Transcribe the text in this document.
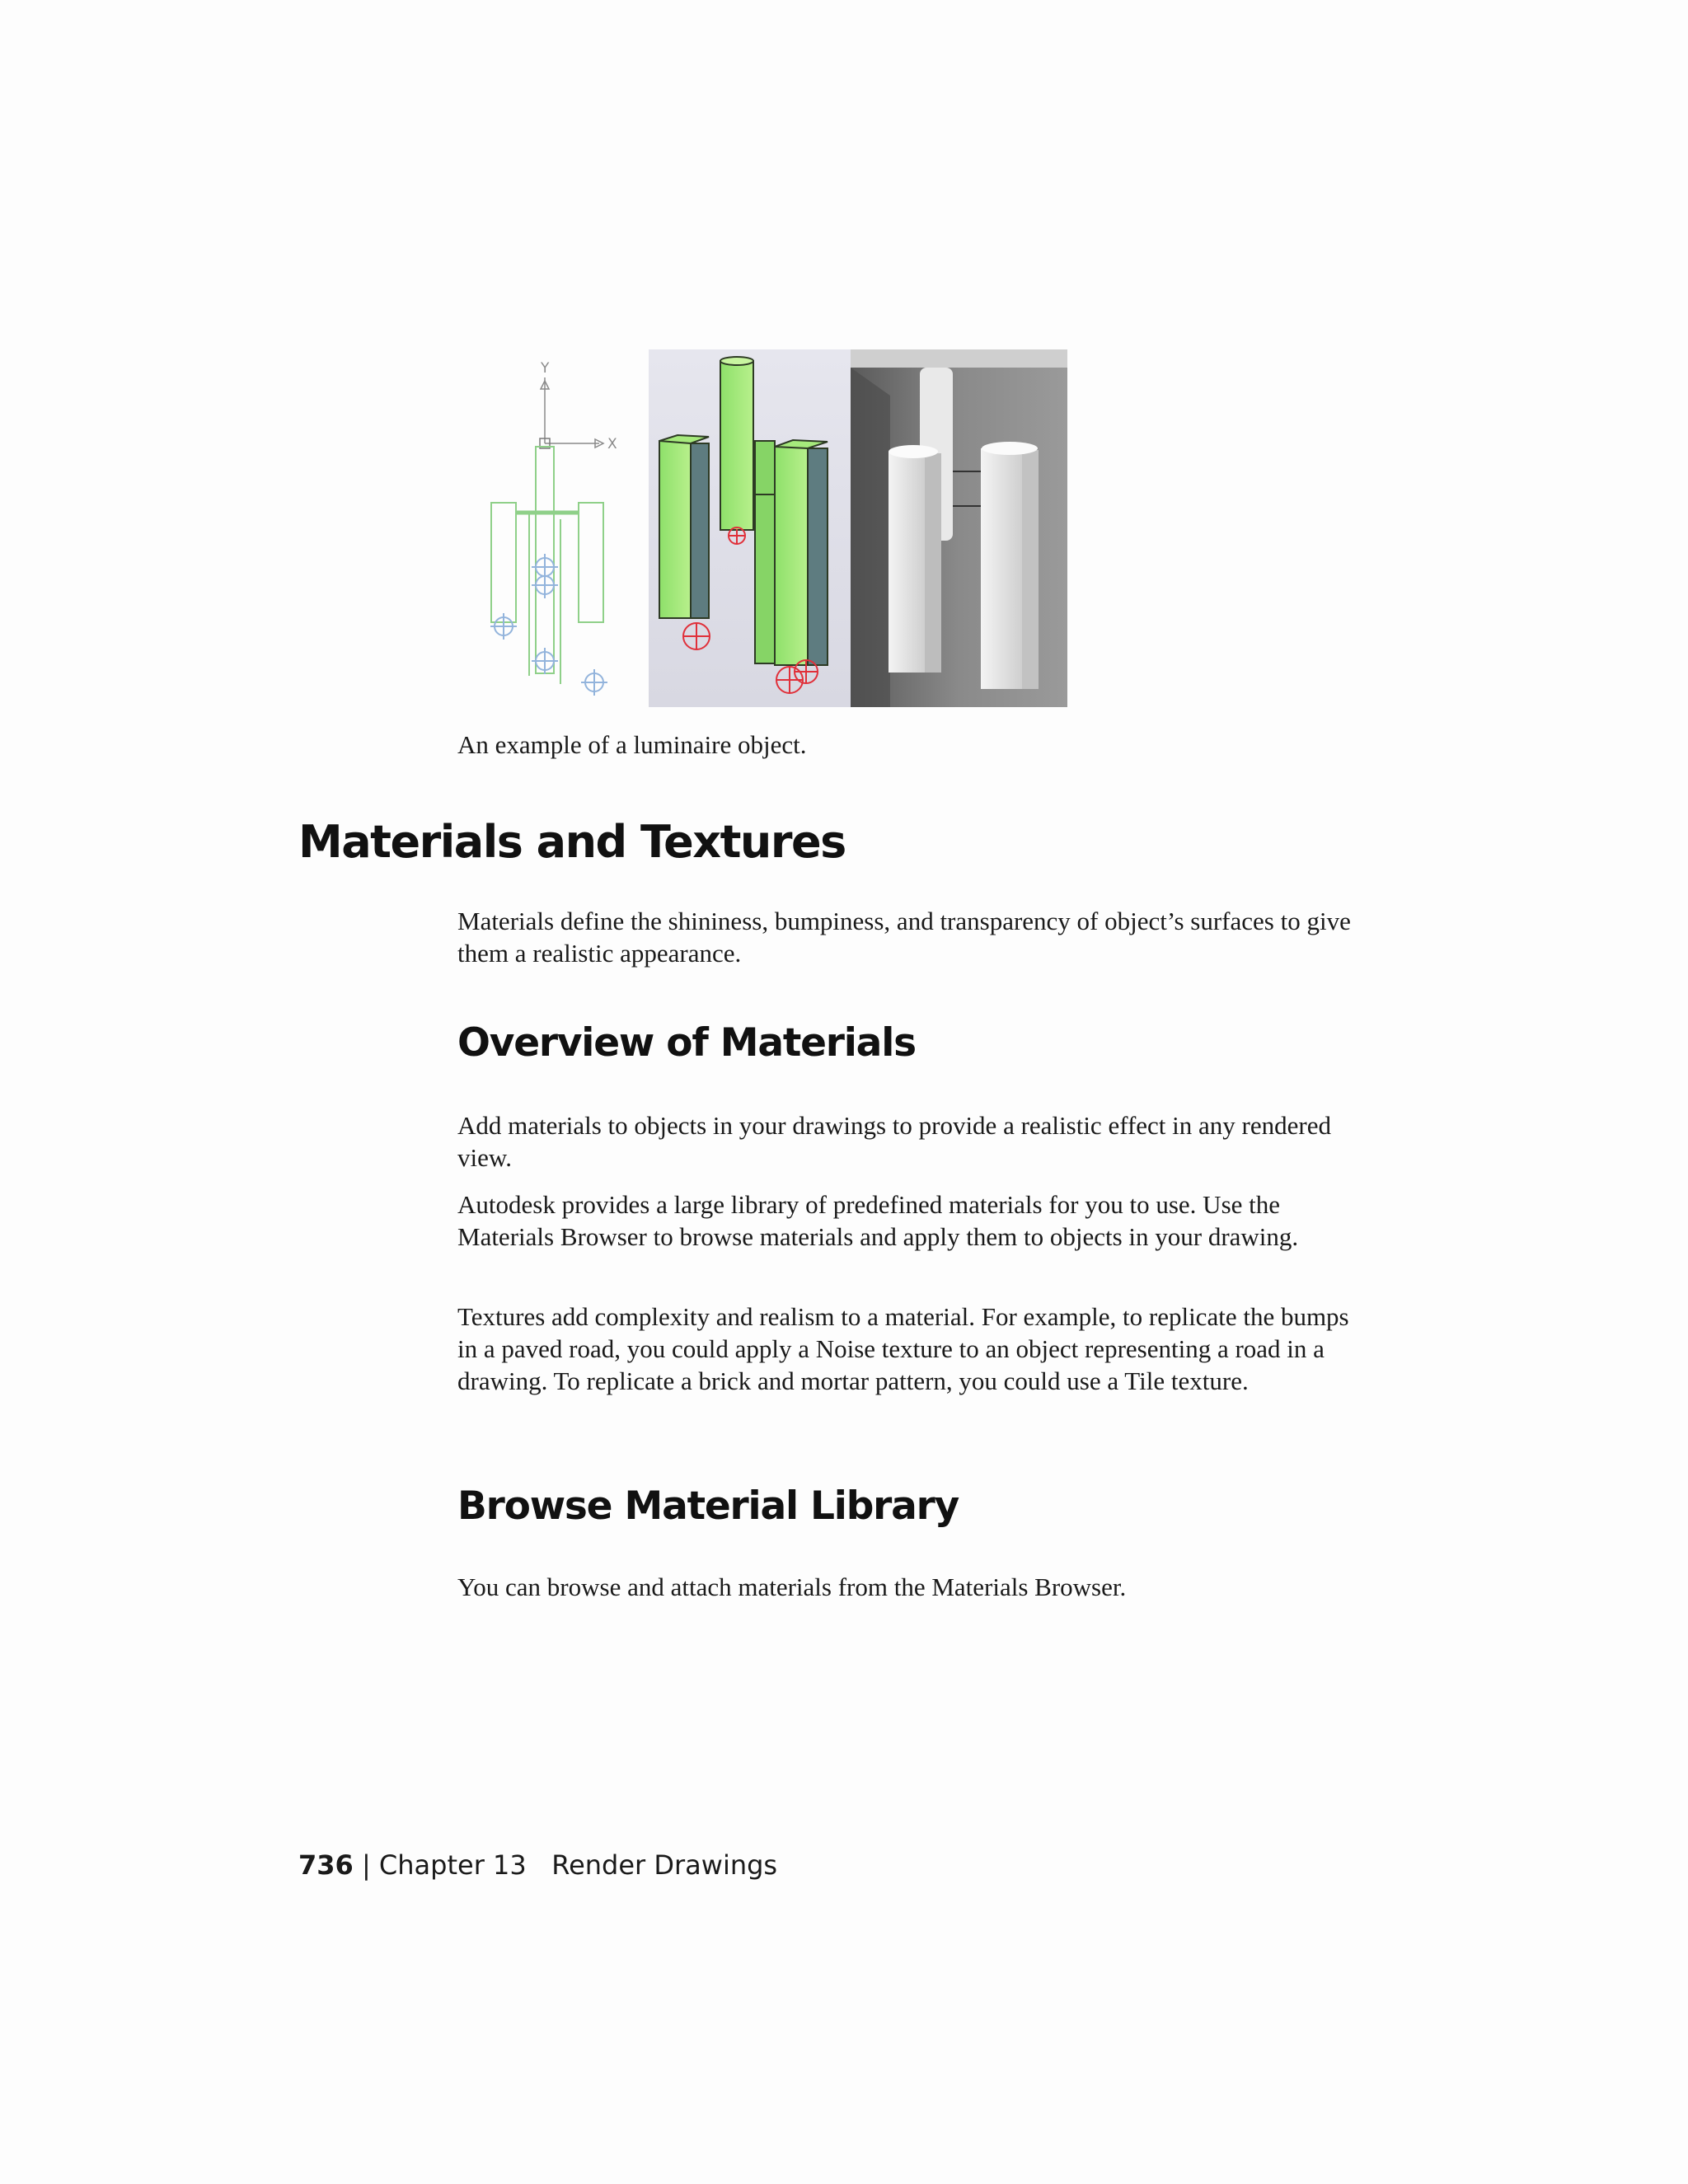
Y
X
An example of a luminaire object.
Materials and Textures

Materials define the shininess, bumpiness, and transparency of object’s surfaces to give them a realistic appearance.

Overview of Materials

Add materials to objects in your drawings to provide a realistic effect in any rendered view.

Autodesk provides a large library of predefined materials for you to use. Use the Materials Browser to browse materials and apply them to objects in your drawing.

Textures add complexity and realism to a material. For example, to replicate the bumps in a paved road, you could apply a Noise texture to an object representing a road in a drawing. To replicate a brick and mortar pattern, you could use a Tile texture.

Browse Material Library

You can browse and attach materials from the Materials Browser.

736 | Chapter 13 Render Drawings
